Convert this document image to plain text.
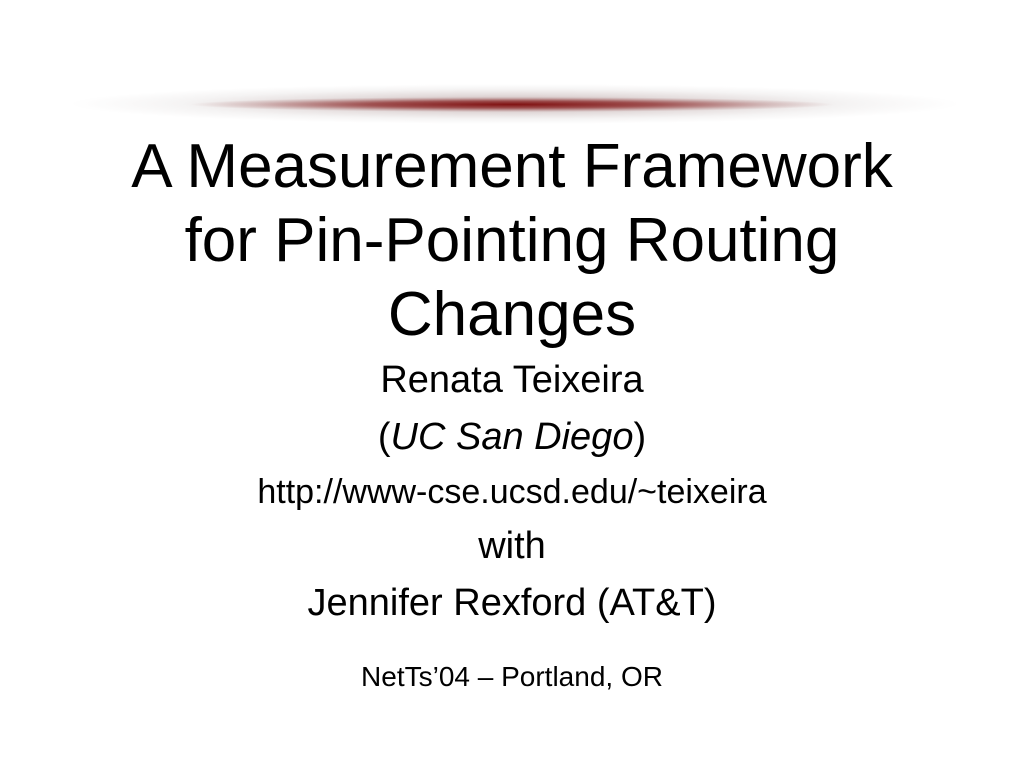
A Measurement Framework
for Pin-Pointing Routing
Changes
Renata Teixeira
(UC San Diego)
http://www-cse.ucsd.edu/~teixeira
with
Jennifer Rexford (AT&T)
NetTs’04 – Portland, OR
